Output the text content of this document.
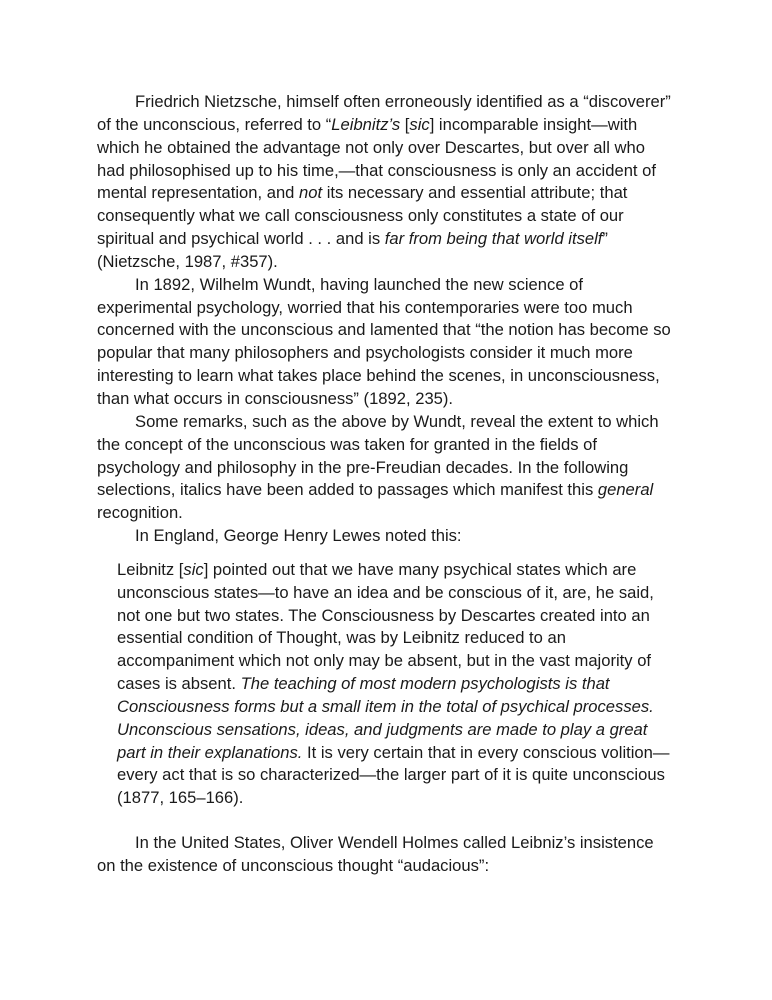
Friedrich Nietzsche, himself often erroneously identified as a “discoverer” of the unconscious, referred to “Leibnitz’s [sic] incomparable insight—with which he obtained the advantage not only over Descartes, but over all who had philosophised up to his time,—that consciousness is only an accident of mental representation, and not its necessary and essential attribute; that consequently what we call consciousness only constitutes a state of our spiritual and psychical world . . . and is far from being that world itself” (Nietzsche, 1987, #357).

In 1892, Wilhelm Wundt, having launched the new science of experimental psychology, worried that his contemporaries were too much concerned with the unconscious and lamented that “the notion has become so popular that many philosophers and psychologists consider it much more interesting to learn what takes place behind the scenes, in unconsciousness, than what occurs in consciousness” (1892, 235).

Some remarks, such as the above by Wundt, reveal the extent to which the concept of the unconscious was taken for granted in the fields of psychology and philosophy in the pre-Freudian decades. In the following selections, italics have been added to passages which manifest this general recognition.

In England, George Henry Lewes noted this:

Leibnitz [sic] pointed out that we have many psychical states which are unconscious states—to have an idea and be conscious of it, are, he said, not one but two states. The Consciousness by Descartes created into an essential condition of Thought, was by Leibnitz reduced to an accompaniment which not only may be absent, but in the vast majority of cases is absent. The teaching of most modern psychologists is that Consciousness forms but a small item in the total of psychical processes. Unconscious sensations, ideas, and judgments are made to play a great part in their explanations. It is very certain that in every conscious volition—every act that is so characterized—the larger part of it is quite unconscious (1877, 165–166).

In the United States, Oliver Wendell Holmes called Leibniz’s insistence on the existence of unconscious thought “audacious”:
